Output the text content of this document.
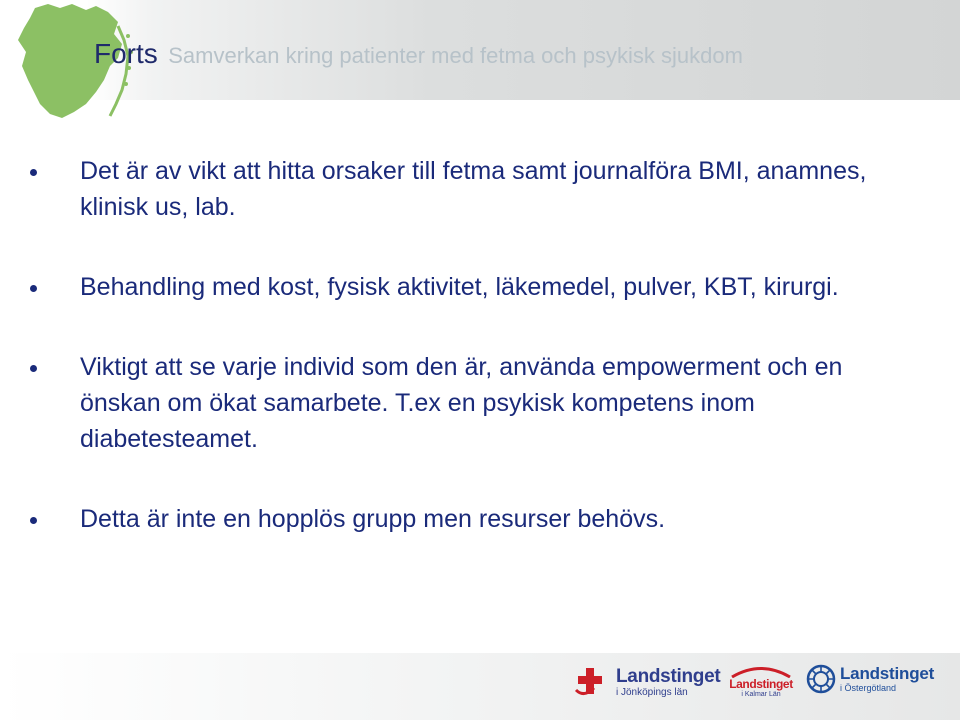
Forts Samverkan kring patienter med fetma och psykisk sjukdom
Det är av vikt att hitta orsaker till fetma samt journalföra BMI, anamnes, klinisk us, lab.
Behandling med kost, fysisk aktivitet, läkemedel, pulver, KBT, kirurgi.
Viktigt att se varje individ som den är, använda empowerment och en önskan om ökat samarbete. T.ex en psykisk kompetens inom diabetesteamet.
Detta är inte en hopplös grupp men resurser behövs.
Landstinget
i Jönköpings län
Landstinget
i Kalmar Län
Landstinget
i Östergötland
